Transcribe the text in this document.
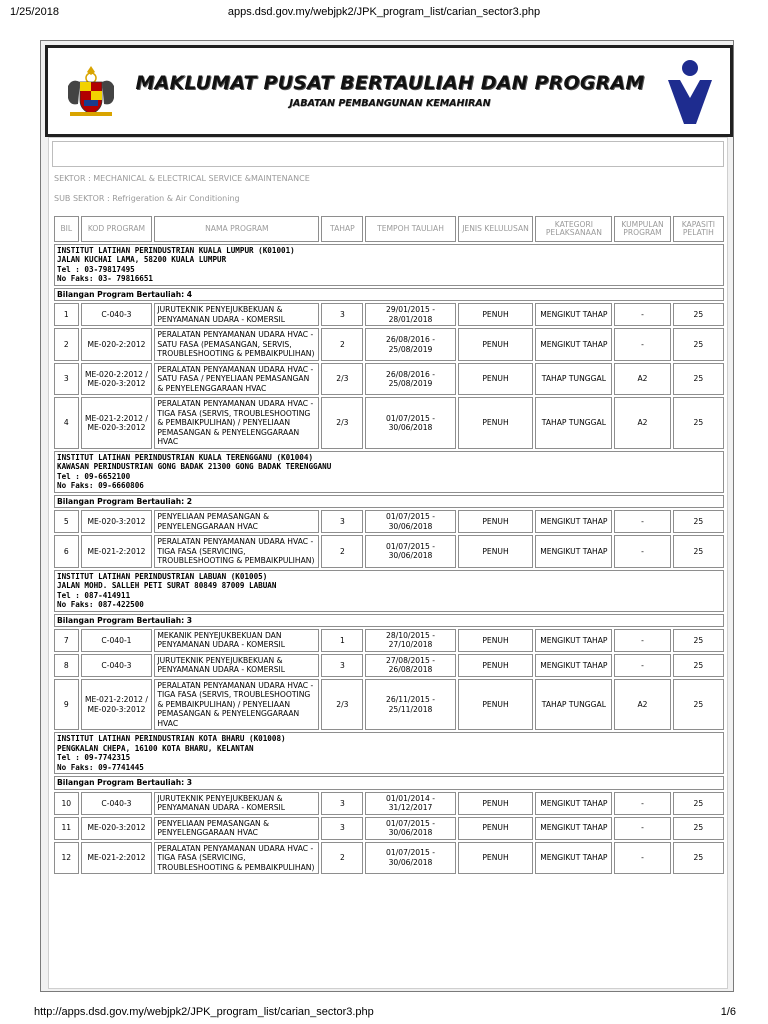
1/25/2018	apps.dsd.gov.my/webjpk2/JPK_program_list/carian_sector3.php
MAKLUMAT PUSAT BERTAULIAH DAN PROGRAM
JABATAN PEMBANGUNAN KEMAHIRAN
SEKTOR : MECHANICAL & ELECTRICAL SERVICE &MAINTENANCE
SUB SEKTOR : Refrigeration & Air Conditioning
BIL	KOD PROGRAM	NAMA PROGRAM	TAHAP	TEMPOH TAULIAH	JENIS KELULUSAN	KATEGORI PELAKSANAAN	KUMPULAN PROGRAM	KAPASITI PELATIH

INSTITUT LATIHAN PERINDUSTRIAN KUALA LUMPUR (K01001)
JALAN KUCHAI LAMA, 58200 KUALA LUMPUR
Tel : 03-79817495
No Faks: 03- 79816651								

Bilangan Program Bertauliah: 4								
1	C-040-3	JURUTEKNIK PENYEJUKBEKUAN & PENYAMANAN UDARA - KOMERSIL	3	29/01/2015 - 28/01/2018	PENUH	MENGIKUT TAHAP	-	25
2	ME-020-2:2012	PERALATAN PENYAMANAN UDARA HVAC - SATU FASA (PEMASANGAN, SERVIS, TROUBLESHOOTING & PEMBAIKPULIHAN)	2	26/08/2016 - 25/08/2019	PENUH	MENGIKUT TAHAP	-	25
3	ME-020-2:2012 / ME-020-3:2012	PERALATAN PENYAMANAN UDARA HVAC -SATU FASA / PENYELIAAN PEMASANGAN & PENYELENGGARAAN HVAC	2/3	26/08/2016 - 25/08/2019	PENUH	TAHAP TUNGGAL	A2	25
4	ME-021-2:2012 / ME-020-3:2012	PERALATAN PENYAMANAN UDARA HVAC -TIGA FASA (SERVIS, TROUBLESHOOTING & PEMBAIKPULIHAN) / PENYELIAAN PEMASANGAN & PENYELENGGARAAN HVAC	2/3	01/07/2015 - 30/06/2018	PENUH	TAHAP TUNGGAL	A2	25

INSTITUT LATIHAN PERINDUSTRIAN KUALA TERENGGANU (K01004)
KAWASAN PERINDUSTRIAN GONG BADAK 21300 GONG BADAK TERENGGANU
Tel : 09-6652100
No Faks: 09-6660806								

Bilangan Program Bertauliah: 2								
5	ME-020-3:2012	PENYELIAAN PEMASANGAN & PENYELENGGARAAN HVAC	3	01/07/2015 - 30/06/2018	PENUH	MENGIKUT TAHAP	-	25
6	ME-021-2:2012	PERALATAN PENYAMANAN UDARA HVAC - TIGA FASA (SERVICING, TROUBLESHOOTING & PEMBAIKPULIHAN)	2	01/07/2015 - 30/06/2018	PENUH	MENGIKUT TAHAP	-	25

INSTITUT LATIHAN PERINDUSTRIAN LABUAN (K01005)
JALAN MOHD. SALLEH PETI SURAT 80849 87009 LABUAN
Tel : 087-414911
No Faks: 087-422500								

Bilangan Program Bertauliah: 3								
7	C-040-1	MEKANIK PENYEJUKBEKUAN DAN PENYAMANAN UDARA - KOMERSIL	1	28/10/2015 - 27/10/2018	PENUH	MENGIKUT TAHAP	-	25
8	C-040-3	JURUTEKNIK PENYEJUKBEKUAN & PENYAMANAN UDARA - KOMERSIL	3	27/08/2015 - 26/08/2018	PENUH	MENGIKUT TAHAP	-	25
9	ME-021-2:2012 / ME-020-3:2012	PERALATAN PENYAMANAN UDARA HVAC -TIGA FASA (SERVIS, TROUBLESHOOTING & PEMBAIKPULIHAN) / PENYELIAAN PEMASANGAN & PENYELENGGARAAN HVAC	2/3	26/11/2015 - 25/11/2018	PENUH	TAHAP TUNGGAL	A2	25

INSTITUT LATIHAN PERINDUSTRIAN KOTA BHARU (K01008)
PENGKALAN CHEPA, 16100 KOTA BHARU, KELANTAN
Tel : 09-7742315
No Faks: 09-7741445								

Bilangan Program Bertauliah: 3								
10	C-040-3	JURUTEKNIK PENYEJUKBEKUAN & PENYAMANAN UDARA - KOMERSIL	3	01/01/2014 - 31/12/2017	PENUH	MENGIKUT TAHAP	-	25
11	ME-020-3:2012	PENYELIAAN PEMASANGAN & PENYELENGGARAAN HVAC	3	01/07/2015 - 30/06/2018	PENUH	MENGIKUT TAHAP	-	25
12	ME-021-2:2012	PERALATAN PENYAMANAN UDARA HVAC - TIGA FASA (SERVICING, TROUBLESHOOTING & PEMBAIKPULIHAN)	2	01/07/2015 - 30/06/2018	PENUH	MENGIKUT TAHAP	-	25
http://apps.dsd.gov.my/webjpk2/JPK_program_list/carian_sector3.php	1/6
